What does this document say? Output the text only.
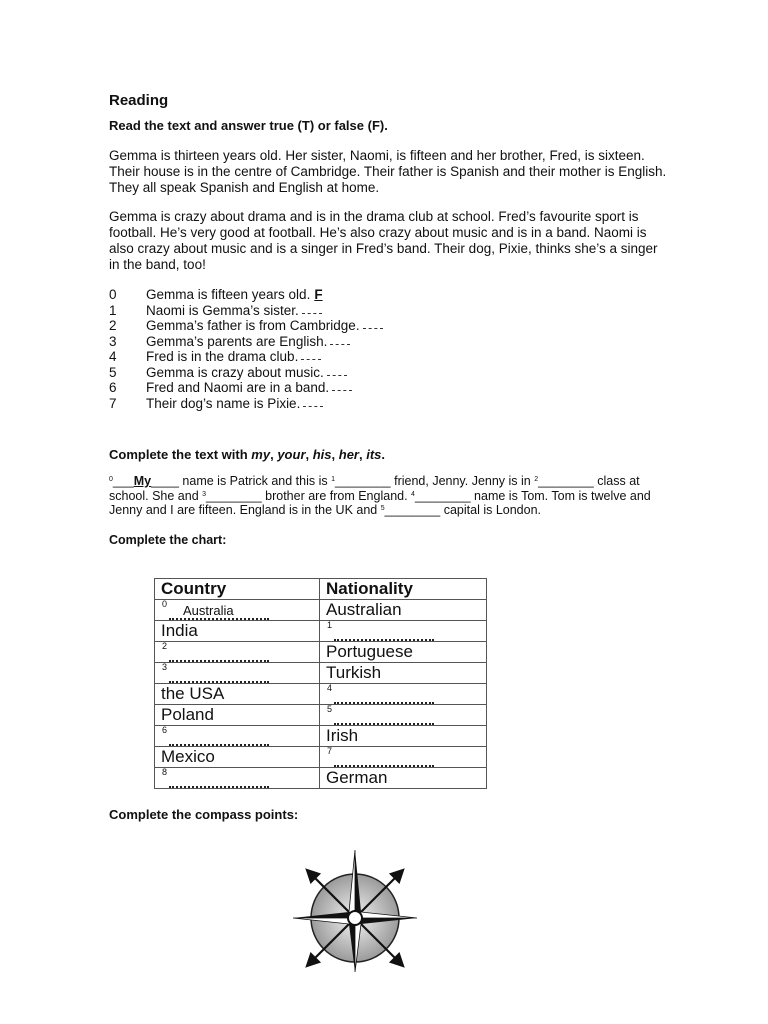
Reading
Read the text and answer true (T) or false (F).

Gemma is thirteen years old. Her sister, Naomi, is fifteen and her brother, Fred, is sixteen. Their house is in the centre of Cambridge. Their father is Spanish and their mother is English. They all speak Spanish and English at home.

Gemma is crazy about drama and is in the drama club at school. Fred’s favourite sport is football. He’s very good at football. He’s also crazy about music and is in a band. Naomi is also crazy about music and is a singer in Fred’s band. Their dog, Pixie, thinks she’s a singer in the band, too!

0	Gemma is fifteen years old. F
1	Naomi is Gemma’s sister.
2	Gemma’s father is from Cambridge.
3	Gemma’s parents are English.
4	Fred is in the drama club.
5	Gemma is crazy about music.
6	Fred and Naomi are in a band.
7	Their dog’s name is Pixie.
Complete the text with my, your, his, her, its.
$^0$___My____ name is Patrick and this is $^1$________ friend, Jenny. Jenny is in $^2$________ class at school. She and $^3$________ brother are from England. $^4$________ name is Tom. Tom is twelve and Jenny and I are fifteen. England is in the UK and $^5$________ capital is London.
Complete the chart:
Country	Nationality

0 Australia	Australian
India	1

2	Portuguese

3	Turkish
the USA	4

Poland	5

6	Irish
Mexico	7

8	German
Complete the compass points:
